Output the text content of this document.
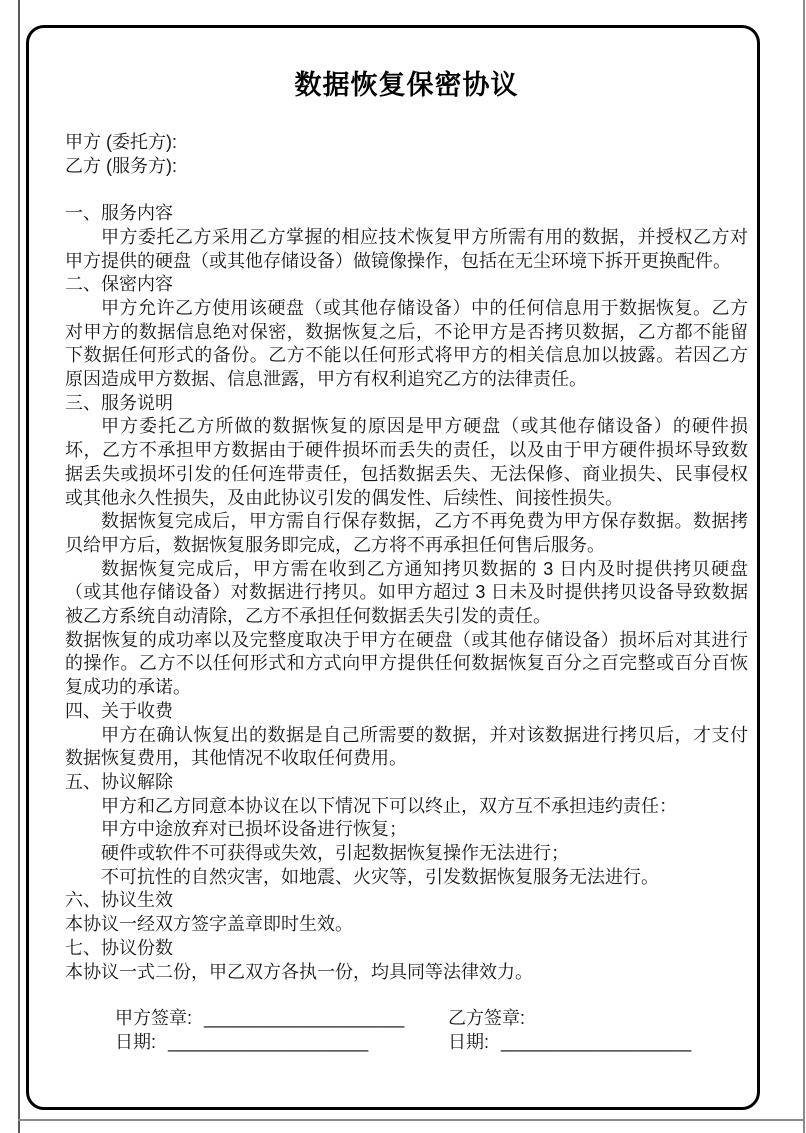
数据恢复保密协议

甲方 (委托方):

乙方 (服务方):

一、服务内容

甲方委托乙方采用乙方掌握的相应技术恢复甲方所需有用的数据，并授权乙方对甲方提供的硬盘（或其他存储设备）做镜像操作，包括在无尘环境下拆开更换配件。

二、保密内容

甲方允许乙方使用该硬盘（或其他存储设备）中的任何信息用于数据恢复。乙方对甲方的数据信息绝对保密，数据恢复之后，不论甲方是否拷贝数据，乙方都不能留下数据任何形式的备份。乙方不能以任何形式将甲方的相关信息加以披露。若因乙方原因造成甲方数据、信息泄露，甲方有权利追究乙方的法律责任。

三、服务说明

甲方委托乙方所做的数据恢复的原因是甲方硬盘（或其他存储设备）的硬件损坏，乙方不承担甲方数据由于硬件损坏而丢失的责任，以及由于甲方硬件损坏导致数据丢失或损坏引发的任何连带责任，包括数据丢失、无法保修、商业损失、民事侵权或其他永久性损失，及由此协议引发的偶发性、后续性、间接性损失。

数据恢复完成后，甲方需自行保存数据，乙方不再免费为甲方保存数据。数据拷贝给甲方后，数据恢复服务即完成，乙方将不再承担任何售后服务。

数据恢复完成后，甲方需在收到乙方通知拷贝数据的 3 日内及时提供拷贝硬盘（或其他存储设备）对数据进行拷贝。如甲方超过 3 日未及时提供拷贝设备导致数据被乙方系统自动清除，乙方不承担任何数据丢失引发的责任。

数据恢复的成功率以及完整度取决于甲方在硬盘（或其他存储设备）损坏后对其进行的操作。乙方不以任何形式和方式向甲方提供任何数据恢复百分之百完整或百分百恢复成功的承诺。

四、关于收费

甲方在确认恢复出的数据是自己所需要的数据，并对该数据进行拷贝后，才支付数据恢复费用，其他情况不收取任何费用。

五、协议解除

甲方和乙方同意本协议在以下情况下可以终止，双方互不承担违约责任：

甲方中途放弃对已损坏设备进行恢复；

硬件或软件不可获得或失效，引起数据恢复操作无法进行；

不可抗性的自然灾害，如地震、火灾等，引发数据恢复服务无法进行。

六、协议生效

本协议一经双方签字盖章即时生效。

七、协议份数

本协议一式二份，甲乙双方各执一份，均具同等法律效力。

甲方签章: ____________________ 乙方签章:
日期: ____________________	日期: ___________________
